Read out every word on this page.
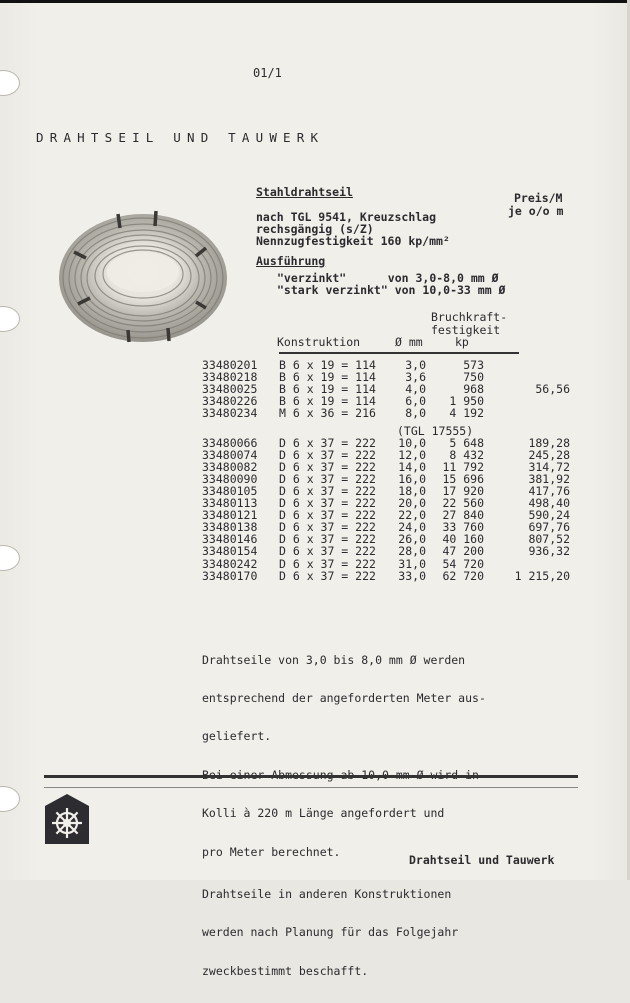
01/1
DRAHTSEIL UND TAUWERK
Stahldrahtseil	Preis/M
je o/o m
nach TGL 9541, Kreuzschlag
rechsgängig (s/Z)
Nennzugfestigkeit 160 kp/mm²
Ausführung
"verzinkt"      von 3,0-8,0 mm Ø
"stark verzinkt" von 10,0-33 mm Ø
Bruchkraft-
festigkeit
Konstruktion	Ø mm	kp
33480201 B 6 x 19 = 114	3,0	573
33480218 B 6 x 19 = 114	3,6	750
33480025 B 6 x 19 = 114	4,0	968	56,56
33480226 B 6 x 19 = 114	6,0	1 950
33480234 M 6 x 36 = 216	8,0	4 192
33480066 D 6 x 37 = 222	10,0	5 648	189,28
33480074 D 6 x 37 = 222	12,0	8 432	245,28
33480082 D 6 x 37 = 222	14,0	11 792	314,72
33480090 D 6 x 37 = 222	16,0	15 696	381,92
33480105 D 6 x 37 = 222	18,0	17 920	417,76
33480113 D 6 x 37 = 222	20,0	22 560	498,40
33480121 D 6 x 37 = 222	22,0	27 840	590,24
33480138 D 6 x 37 = 222	24,0	33 760	697,76
33480146 D 6 x 37 = 222	26,0	40 160	807,52
33480154 D 6 x 37 = 222	28,0	47 200	936,32
33480242 D 6 x 37 = 222	31,0	54 720
33480170 D 6 x 37 = 222	33,0	62 720	1 215,20
(TGL 17555)

Drahtseile von 3,0 bis 8,0 mm Ø werden

entsprechend der angeforderten Meter aus-

geliefert.

Kolli à 220 m Länge angefordert und

pro Meter berechnet.

Drahtseile in anderen Konstruktionen

werden nach Planung für das Folgejahr

zweckbestimmt beschafft.

Drahtseil und Tauwerk
